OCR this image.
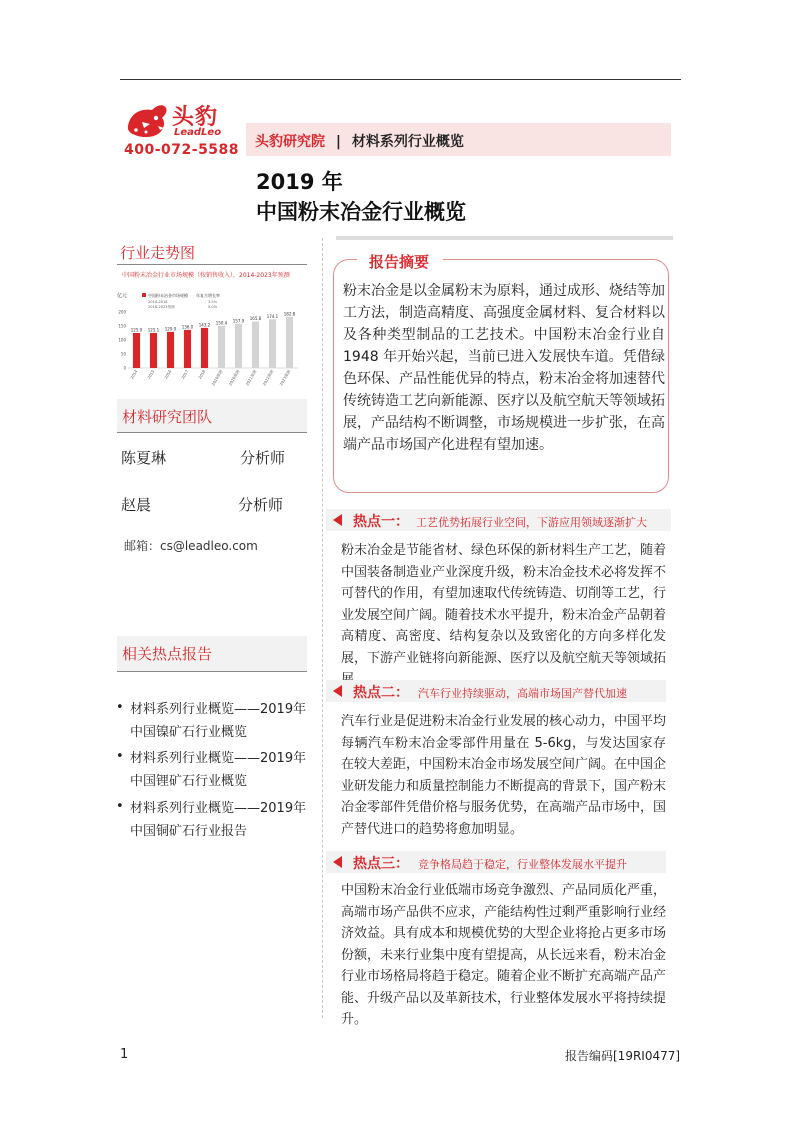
头豹
LeadLeo
400-072-5588 头豹研究院 | 材料系列行业概览
2019 年
中国粉末冶金行业概览
行业走势图
中国粉末冶金行业市场规模（按销售收入），2014-2023年预测
亿元	中国粉末冶金市场规模 年复合增长率
2014-2018	3.5%
2018-2023预测	5.0%
0
50
100
150
200
125.0
2014
125.1
2015
129.0
2016
136.0
2017
143.2
2018
150.4
2019预测
157.9
2020预测
165.8
2021预测
174.1
2022预测
182.8
2023预测
材料研究团队
陈夏琳	分析师
赵晨	分析师
邮箱：cs@leadleo.com
相关热点报告
• 材料系列行业概览——2019年中国镍矿石行业概览
• 材料系列行业概览——2019年中国锂矿石行业概览
• 材料系列行业概览——2019年中国铜矿石行业报告
报告摘要
粉末冶金是以金属粉末为原料，通过成形、烧结等加工方法，制造高精度、高强度金属材料、复合材料以及各种类型制品的工艺技术。中国粉末冶金行业自 1948 年开始兴起，当前已进入发展快车道。凭借绿色环保、产品性能优异的特点，粉末冶金将加速替代传统铸造工艺向新能源、医疗以及航空航天等领域拓展，产品结构不断调整，市场规模进一步扩张，在高端产品市场国产化进程有望加速。
热点一： 工艺优势拓展行业空间，下游应用领域逐渐扩大
粉末冶金是节能省材、绿色环保的新材料生产工艺，随着中国装备制造业产业深度升级，粉末冶金技术必将发挥不可替代的作用，有望加速取代传统铸造、切削等工艺，行业发展空间广阔。随着技术水平提升，粉末冶金产品朝着高精度、高密度、结构复杂以及致密化的方向多样化发展，下游产业链将向新能源、医疗以及航空航天等领域拓
热点二： 汽车行业持续驱动，高端市场国产替代加速
汽车行业是促进粉末冶金行业发展的核心动力，中国平均每辆汽车粉末冶金零部件用量在 5-6kg，与发达国家存在较大差距，中国粉末冶金市场发展空间广阔。在中国企业研发能力和质量控制能力不断提高的背景下，国产粉末冶金零部件凭借价格与服务优势，在高端产品市场中，国产替代进口的趋势将愈加明显。
热点三： 竞争格局趋于稳定，行业整体发展水平提升
中国粉末冶金行业低端市场竞争激烈、产品同质化严重，高端市场产品供不应求，产能结构性过剩严重影响行业经济效益。具有成本和规模优势的大型企业将抢占更多市场份额，未来行业集中度有望提高，从长远来看，粉末冶金行业市场格局将趋于稳定。随着企业不断扩充高端产品产能、升级产品以及革新技术，行业整体发展水平将持续提升。
1	报告编码[19RI0477]
